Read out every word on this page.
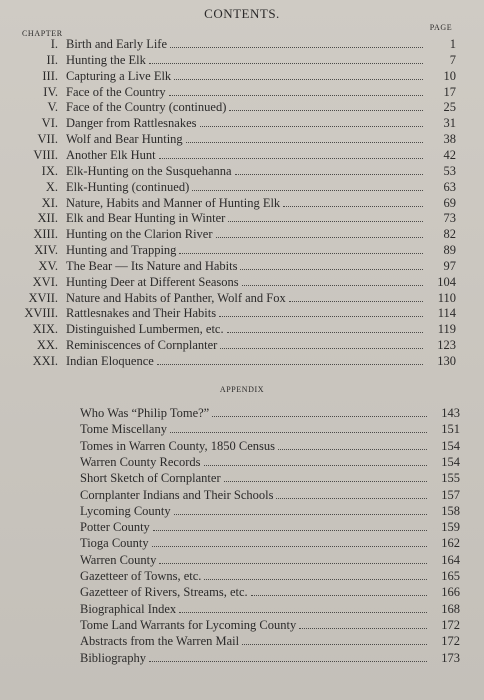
CONTENTS.
CHAPTER
PAGE
I. Birth and Early Life	1
II. Hunting the Elk	7
III. Capturing a Live Elk	10
IV. Face of the Country	17
V. Face of the Country (continued)	25
VI. Danger from Rattlesnakes	31
VII. Wolf and Bear Hunting	38
VIII. Another Elk Hunt	42
IX. Elk-Hunting on the Susquehanna	53
X. Elk-Hunting (continued)	63
XI. Nature, Habits and Manner of Hunting Elk	69
XII. Elk and Bear Hunting in Winter	73
XIII. Hunting on the Clarion River	82
XIV. Hunting and Trapping	89
XV. The Bear — Its Nature and Habits	97
XVI. Hunting Deer at Different Seasons	104
XVII. Nature and Habits of Panther, Wolf and Fox	110
XVIII. Rattlesnakes and Their Habits	114
XIX. Distinguished Lumbermen, etc.	119
XX. Reminiscences of Cornplanter	123
XXI. Indian Eloquence	130
APPENDIX
Who Was “Philip Tome?”	143
Tome Miscellany	151
Tomes in Warren County, 1850 Census	154
Warren County Records	154
Short Sketch of Cornplanter	155
Cornplanter Indians and Their Schools	157
Lycoming County	158
Potter County	159
Tioga County	162
Warren County	164
Gazetteer of Towns, etc.	165
Gazetteer of Rivers, Streams, etc.	166
Biographical Index	168
Tome Land Warrants for Lycoming County	172
Abstracts from the Warren Mail	172
Bibliography	173
